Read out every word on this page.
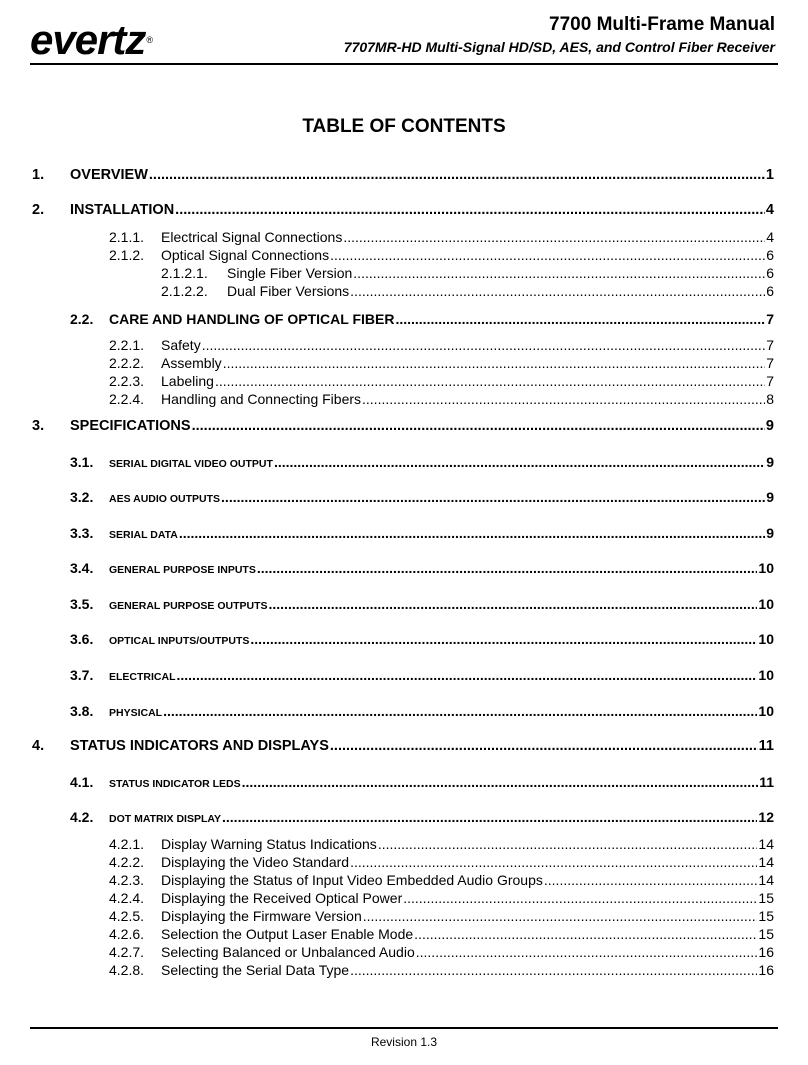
evertz®
7700 Multi-Frame Manual
7707MR-HD Multi-Signal HD/SD, AES, and Control Fiber Receiver
TABLE OF CONTENTS
1.	OVERVIEW .....	1
2.	INSTALLATION .....	4
2.1.1.	Electrical Signal Connections .....	4
2.1.2.	Optical Signal Connections .....	6
2.1.2.1.	Single Fiber Version .....	6
2.1.2.2.	Dual Fiber Versions .....	6
2.2.	CARE AND HANDLING OF OPTICAL FIBER .....	7
2.2.1.	Safety .....	7
2.2.2.	Assembly .....	7
2.2.3.	Labeling .....	7
2.2.4.	Handling and Connecting Fibers .....	8
3.	SPECIFICATIONS .....	9
3.1.	SERIAL DIGITAL VIDEO OUTPUT .....	9
3.2.	AES AUDIO OUTPUTS .....	9
3.3.	SERIAL DATA .....	9
3.4.	GENERAL PURPOSE INPUTS .....	10
3.5.	GENERAL PURPOSE OUTPUTS .....	10
3.6.	OPTICAL INPUTS/OUTPUTS .....	10
3.7.	ELECTRICAL .....	10
3.8.	PHYSICAL .....	10
4.	STATUS INDICATORS AND DISPLAYS .....	11
4.1.	STATUS INDICATOR LEDS .....	11
4.2.	DOT MATRIX DISPLAY .....	12
4.2.1.	Display Warning Status Indications .....	14
4.2.2.	Displaying the Video Standard .....	14
4.2.3.	Displaying the Status of Input Video Embedded Audio Groups .....	14
4.2.4.	Displaying the Received Optical Power .....	15
4.2.5.	Displaying the Firmware Version .....	15
4.2.6.	Selection the Output Laser Enable Mode .....	15
4.2.7.	Selecting Balanced or Unbalanced Audio .....	16
4.2.8.	Selecting the Serial Data Type .....	16
Revision 1.3
